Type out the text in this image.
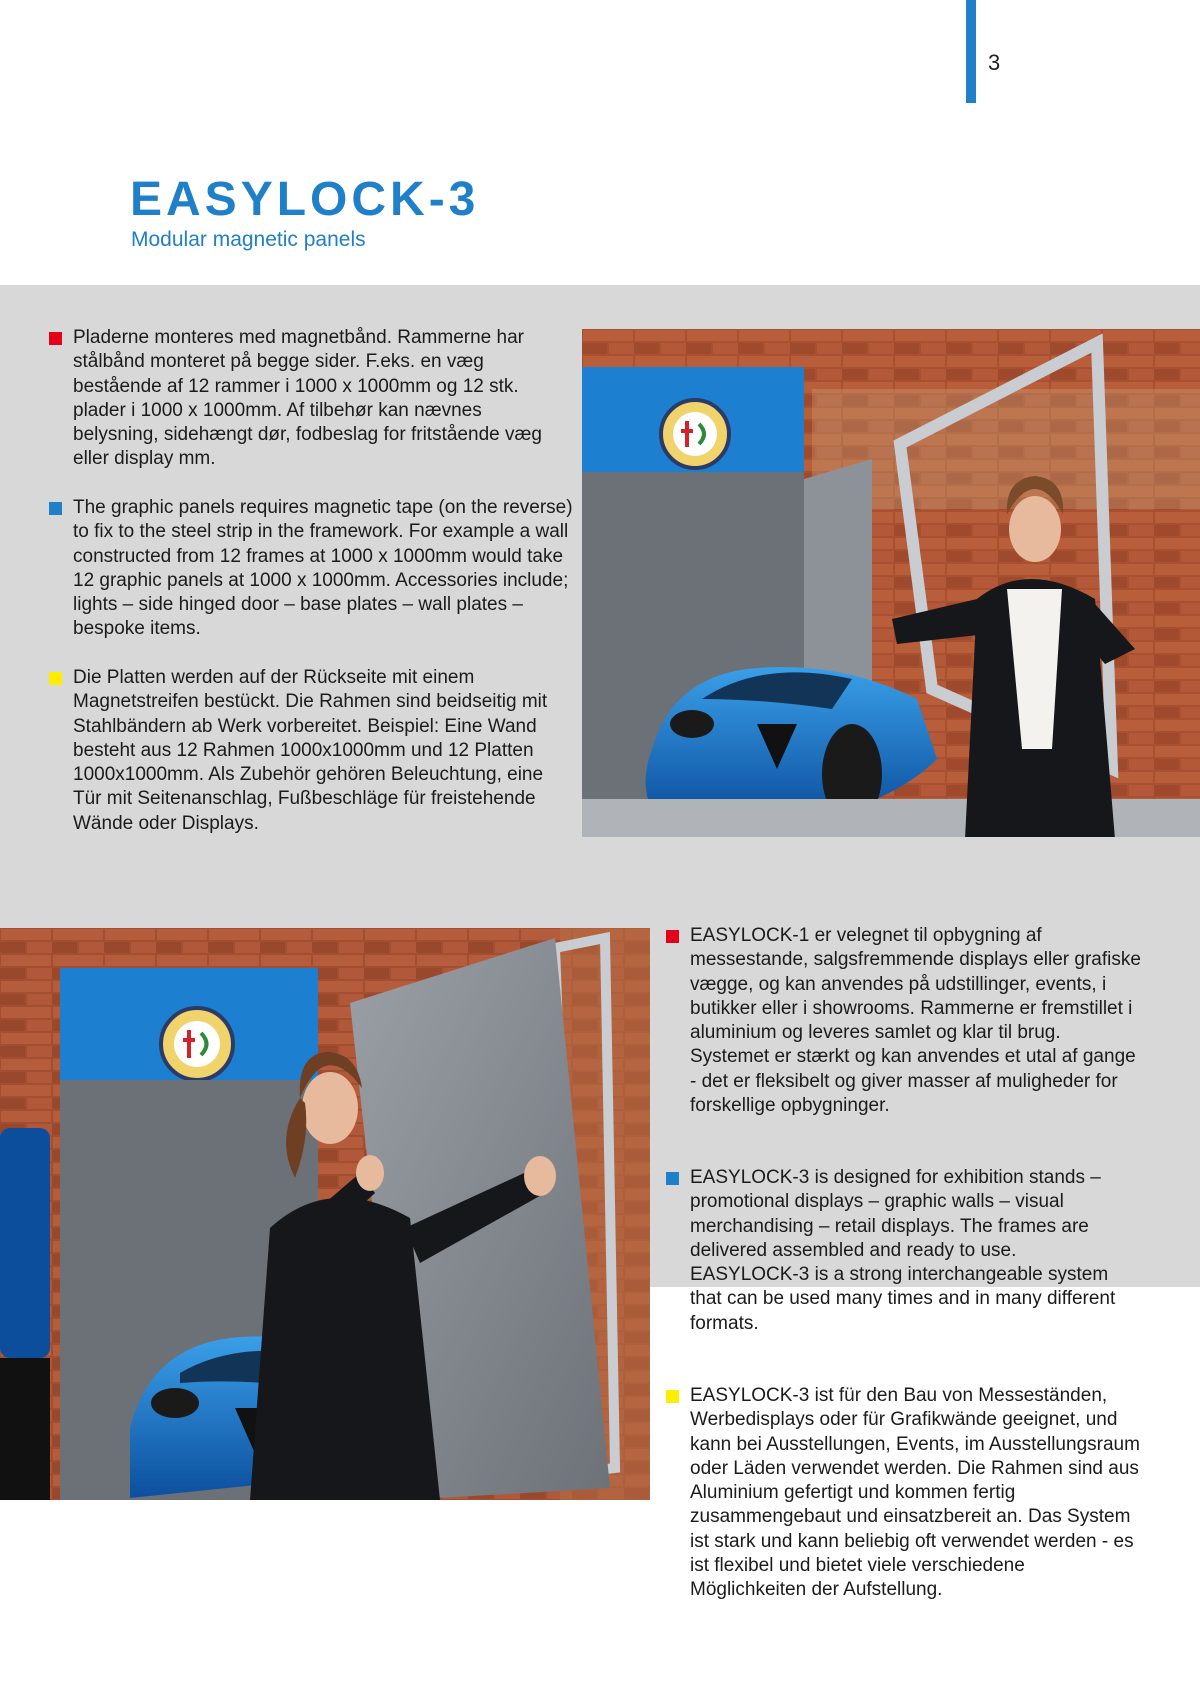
3
EASYLOCK-3
Modular magnetic panels
Pladerne monteres med magnetbånd. Rammerne har stålbånd monteret på begge sider. F.eks. en væg bestående af 12 rammer i 1000 x 1000mm og 12 stk. plader i 1000 x 1000mm. Af tilbehør kan nævnes belysning, sidehængt dør, fodbeslag for fritstående væg eller display mm.
The graphic panels requires magnetic tape (on the reverse) to fix to the steel strip in the framework. For example a wall constructed from 12 frames at 1000 x 1000mm would take 12 graphic panels at 1000 x 1000mm. Accessories include; lights – side hinged door – base plates – wall plates – bespoke items.
Die Platten werden auf der Rückseite mit einem Magnetstreifen bestückt. Die Rahmen sind beidseitig mit Stahlbändern ab Werk vorbereitet. Beispiel: Eine Wand besteht aus 12 Rahmen 1000x1000mm und 12 Platten 1000x1000mm. Als Zubehör gehören Beleuchtung, eine Tür mit Seitenanschlag, Fußbeschläge für freistehende Wände oder Displays.
EASYLOCK-1 er velegnet til opbygning af messestande, salgsfremmende displays eller grafiske vægge, og kan anvendes på udstillinger, events, i butikker eller i showrooms. Rammerne er fremstillet i aluminium og leveres samlet og klar til brug. Systemet er stærkt og kan anvendes et utal af gange - det er fleksibelt og giver masser af muligheder for forskellige opbygninger.
EASYLOCK-3 is designed for exhibition stands – promotional displays – graphic walls – visual merchandising – retail displays. The frames are delivered assembled and ready to use. EASYLOCK-3 is a strong interchangeable system that can be used many times and in many different formats.
EASYLOCK-3 ist für den Bau von Messeständen, Werbedisplays oder für Grafikwände geeignet, und kann bei Ausstellungen, Events, im Ausstellungsraum oder Läden verwendet werden. Die Rahmen sind aus Aluminium gefertigt und kommen fertig zusammengebaut und einsatzbereit an. Das System ist stark und kann beliebig oft verwendet werden - es ist flexibel und bietet viele verschiedene Möglichkeiten der Aufstellung.
